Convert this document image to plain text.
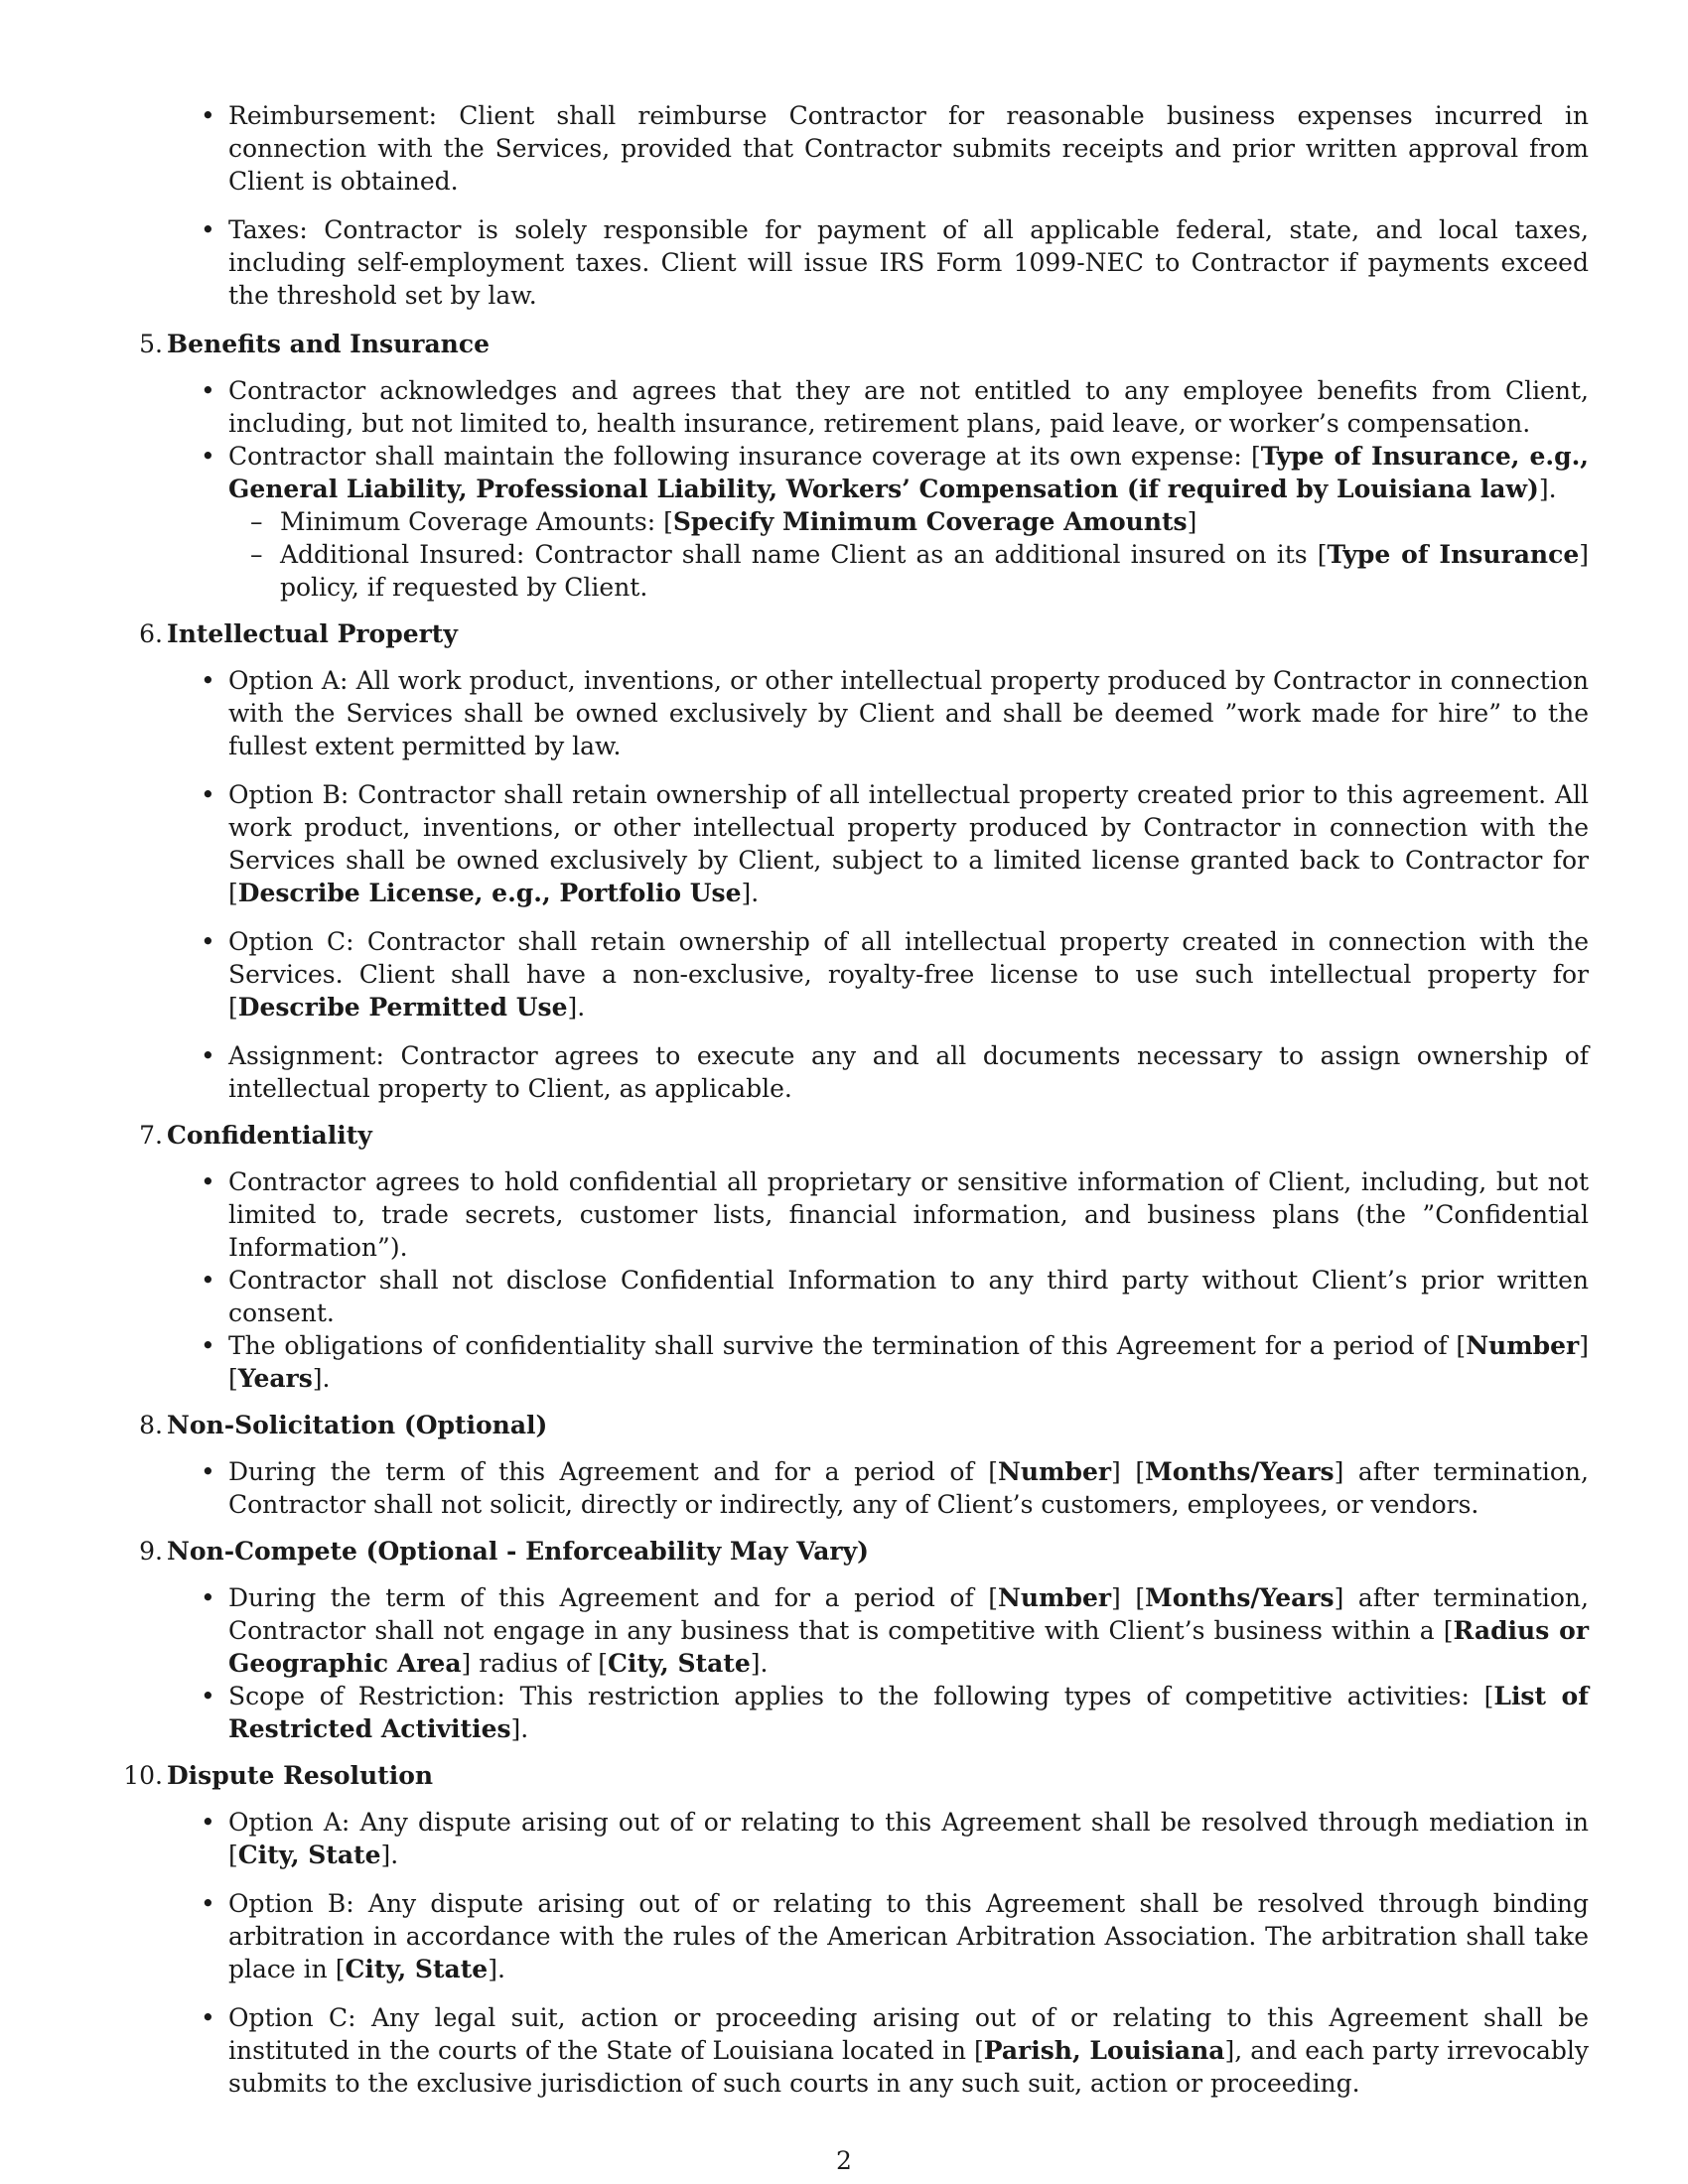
• Reimbursement: Client shall reimburse Contractor for reasonable business expenses incurred in connection with the Services, provided that Contractor submits receipts and prior written approval from Client is obtained.
• Taxes: Contractor is solely responsible for payment of all applicable federal, state, and local taxes, including self-employment taxes. Client will issue IRS Form 1099-NEC to Contractor if payments exceed the threshold set by law.
5. Benefits and Insurance
• Contractor acknowledges and agrees that they are not entitled to any employee benefits from Client, including, but not limited to, health insurance, retirement plans, paid leave, or worker’s compensation.
• Contractor shall maintain the following insurance coverage at its own expense: [Type of Insurance, e.g., General Liability, Professional Liability, Workers’ Compensation (if required by Louisiana law)].
– Minimum Coverage Amounts: [Specify Minimum Coverage Amounts]
– Additional Insured: Contractor shall name Client as an additional insured on its [Type of Insurance] policy, if requested by Client.
6. Intellectual Property
• Option A: All work product, inventions, or other intellectual property produced by Contractor in connection with the Services shall be owned exclusively by Client and shall be deemed ”work made for hire” to the fullest extent permitted by law.
• Option B: Contractor shall retain ownership of all intellectual property created prior to this agreement. All work product, inventions, or other intellectual property produced by Contractor in connection with the Services shall be owned exclusively by Client, subject to a limited license granted back to Contractor for [Describe License, e.g., Portfolio Use].
• Option C: Contractor shall retain ownership of all intellectual property created in connection with the Services. Client shall have a non-exclusive, royalty-free license to use such intellectual property for [Describe Permitted Use].
• Assignment: Contractor agrees to execute any and all documents necessary to assign ownership of intellectual property to Client, as applicable.
7. Confidentiality
• Contractor agrees to hold confidential all proprietary or sensitive information of Client, including, but not limited to, trade secrets, customer lists, financial information, and business plans (the ”Confidential Information”).
• Contractor shall not disclose Confidential Information to any third party without Client’s prior written consent.
• The obligations of confidentiality shall survive the termination of this Agreement for a period of [Number] [Years].
8. Non-Solicitation (Optional)
• During the term of this Agreement and for a period of [Number] [Months/Years] after termination, Contractor shall not solicit, directly or indirectly, any of Client’s customers, employees, or vendors.
9. Non-Compete (Optional - Enforceability May Vary)
• During the term of this Agreement and for a period of [Number] [Months/Years] after termination, Contractor shall not engage in any business that is competitive with Client’s business within a [Radius or Geographic Area] radius of [City, State].
• Scope of Restriction: This restriction applies to the following types of competitive activities: [List of Restricted Activities].
10. Dispute Resolution
• Option A: Any dispute arising out of or relating to this Agreement shall be resolved through mediation in [City, State].
• Option B: Any dispute arising out of or relating to this Agreement shall be resolved through binding arbitration in accordance with the rules of the American Arbitration Association. The arbitration shall take place in [City, State].
• Option C: Any legal suit, action or proceeding arising out of or relating to this Agreement shall be instituted in the courts of the State of Louisiana located in [Parish, Louisiana], and each party irrevocably submits to the exclusive jurisdiction of such courts in any such suit, action or proceeding.
2
